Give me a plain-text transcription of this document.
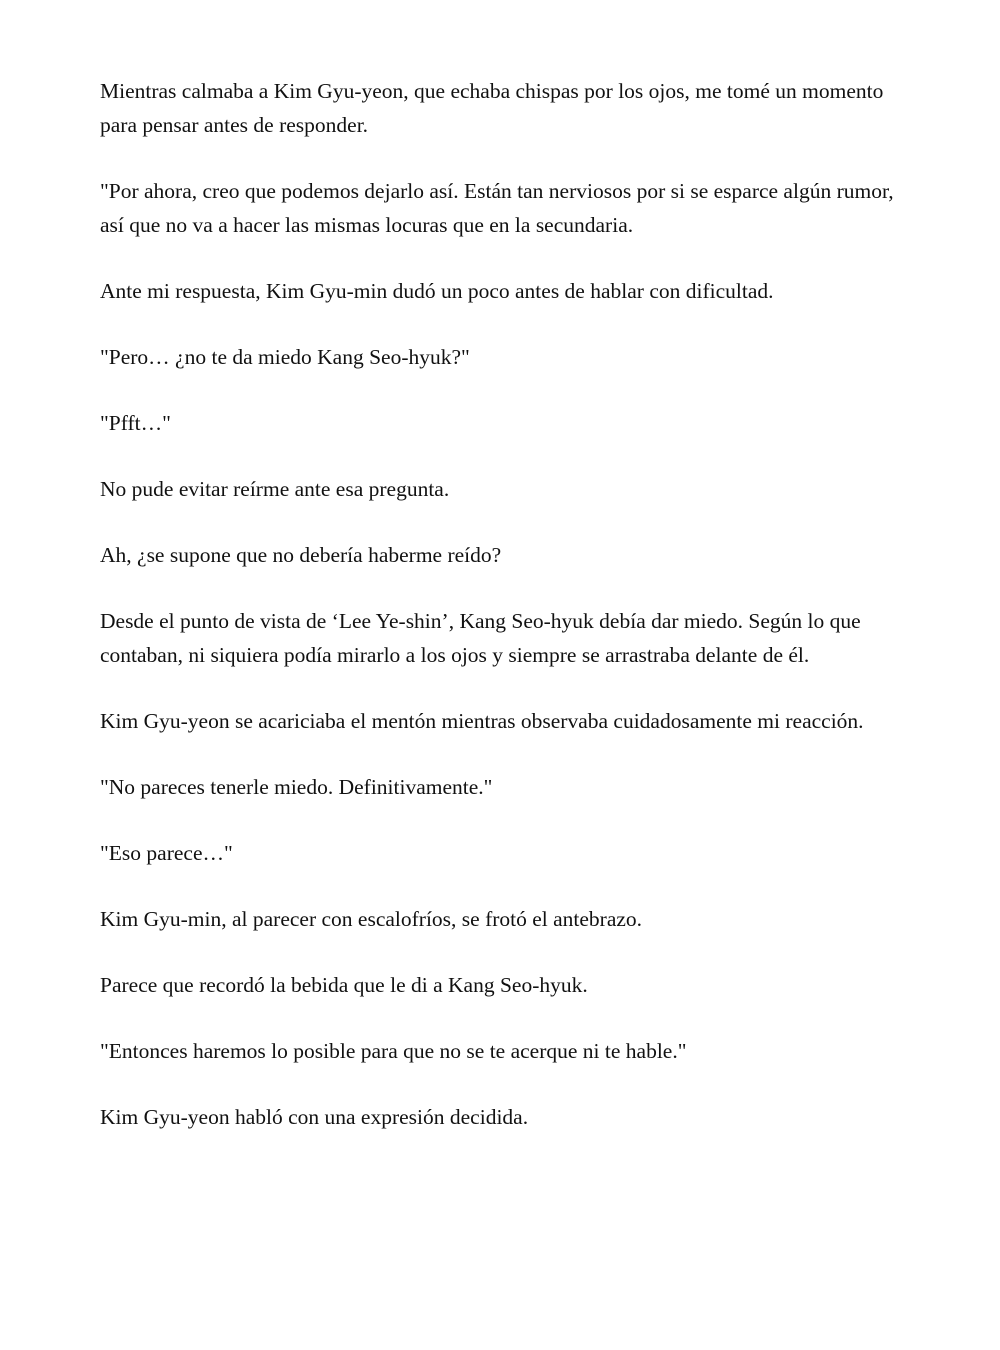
Mientras calmaba a Kim Gyu-yeon, que echaba chispas por los ojos, me tomé un momento para pensar antes de responder.

"Por ahora, creo que podemos dejarlo así. Están tan nerviosos por si se esparce algún rumor, así que no va a hacer las mismas locuras que en la secundaria.

Ante mi respuesta, Kim Gyu-min dudó un poco antes de hablar con dificultad.

"Pero… ¿no te da miedo Kang Seo-hyuk?"

"Pfft…"

No pude evitar reírme ante esa pregunta.

Ah, ¿se supone que no debería haberme reído?

Desde el punto de vista de ‘Lee Ye-shin’, Kang Seo-hyuk debía dar miedo. Según lo que contaban, ni siquiera podía mirarlo a los ojos y siempre se arrastraba delante de él.

Kim Gyu-yeon se acariciaba el mentón mientras observaba cuidadosamente mi reacción.

"No pareces tenerle miedo. Definitivamente."

"Eso parece…"

Kim Gyu-min, al parecer con escalofríos, se frotó el antebrazo.

Parece que recordó la bebida que le di a Kang Seo-hyuk.

"Entonces haremos lo posible para que no se te acerque ni te hable."

Kim Gyu-yeon habló con una expresión decidida.
